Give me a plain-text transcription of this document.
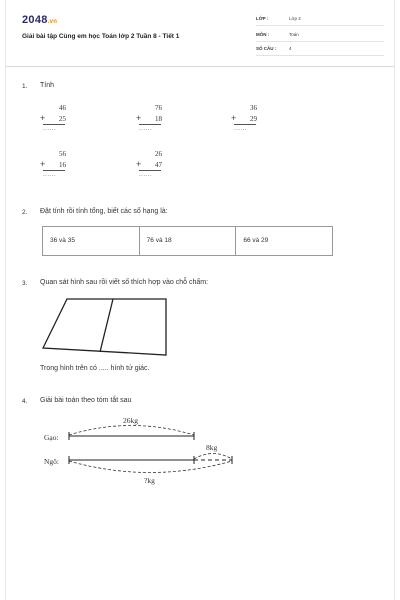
2048.vn
Giải bài tập Cùng em học Toán lớp 2 Tuần 8 - Tiết 1
LỚP :	Lớp 2
MÔN :	Toán
SỐ CÂU :	4
1. Tính
+
46
25
......
+
76
18
......
+
36
29
......
+
56
16
......
+
26
47
......
2. Đặt tính rồi tính tổng, biết các số hạng là:
36 và 35	76 và 18	66 và 29
3. Quan sát hình sau rồi viết số thích hợp vào chỗ chấm:
Trong hình trên có ..... hình tứ giác.
4. Giải bài toán theo tóm tắt sau
Gạo:
26kg
Ngô:
8kg
?kg
